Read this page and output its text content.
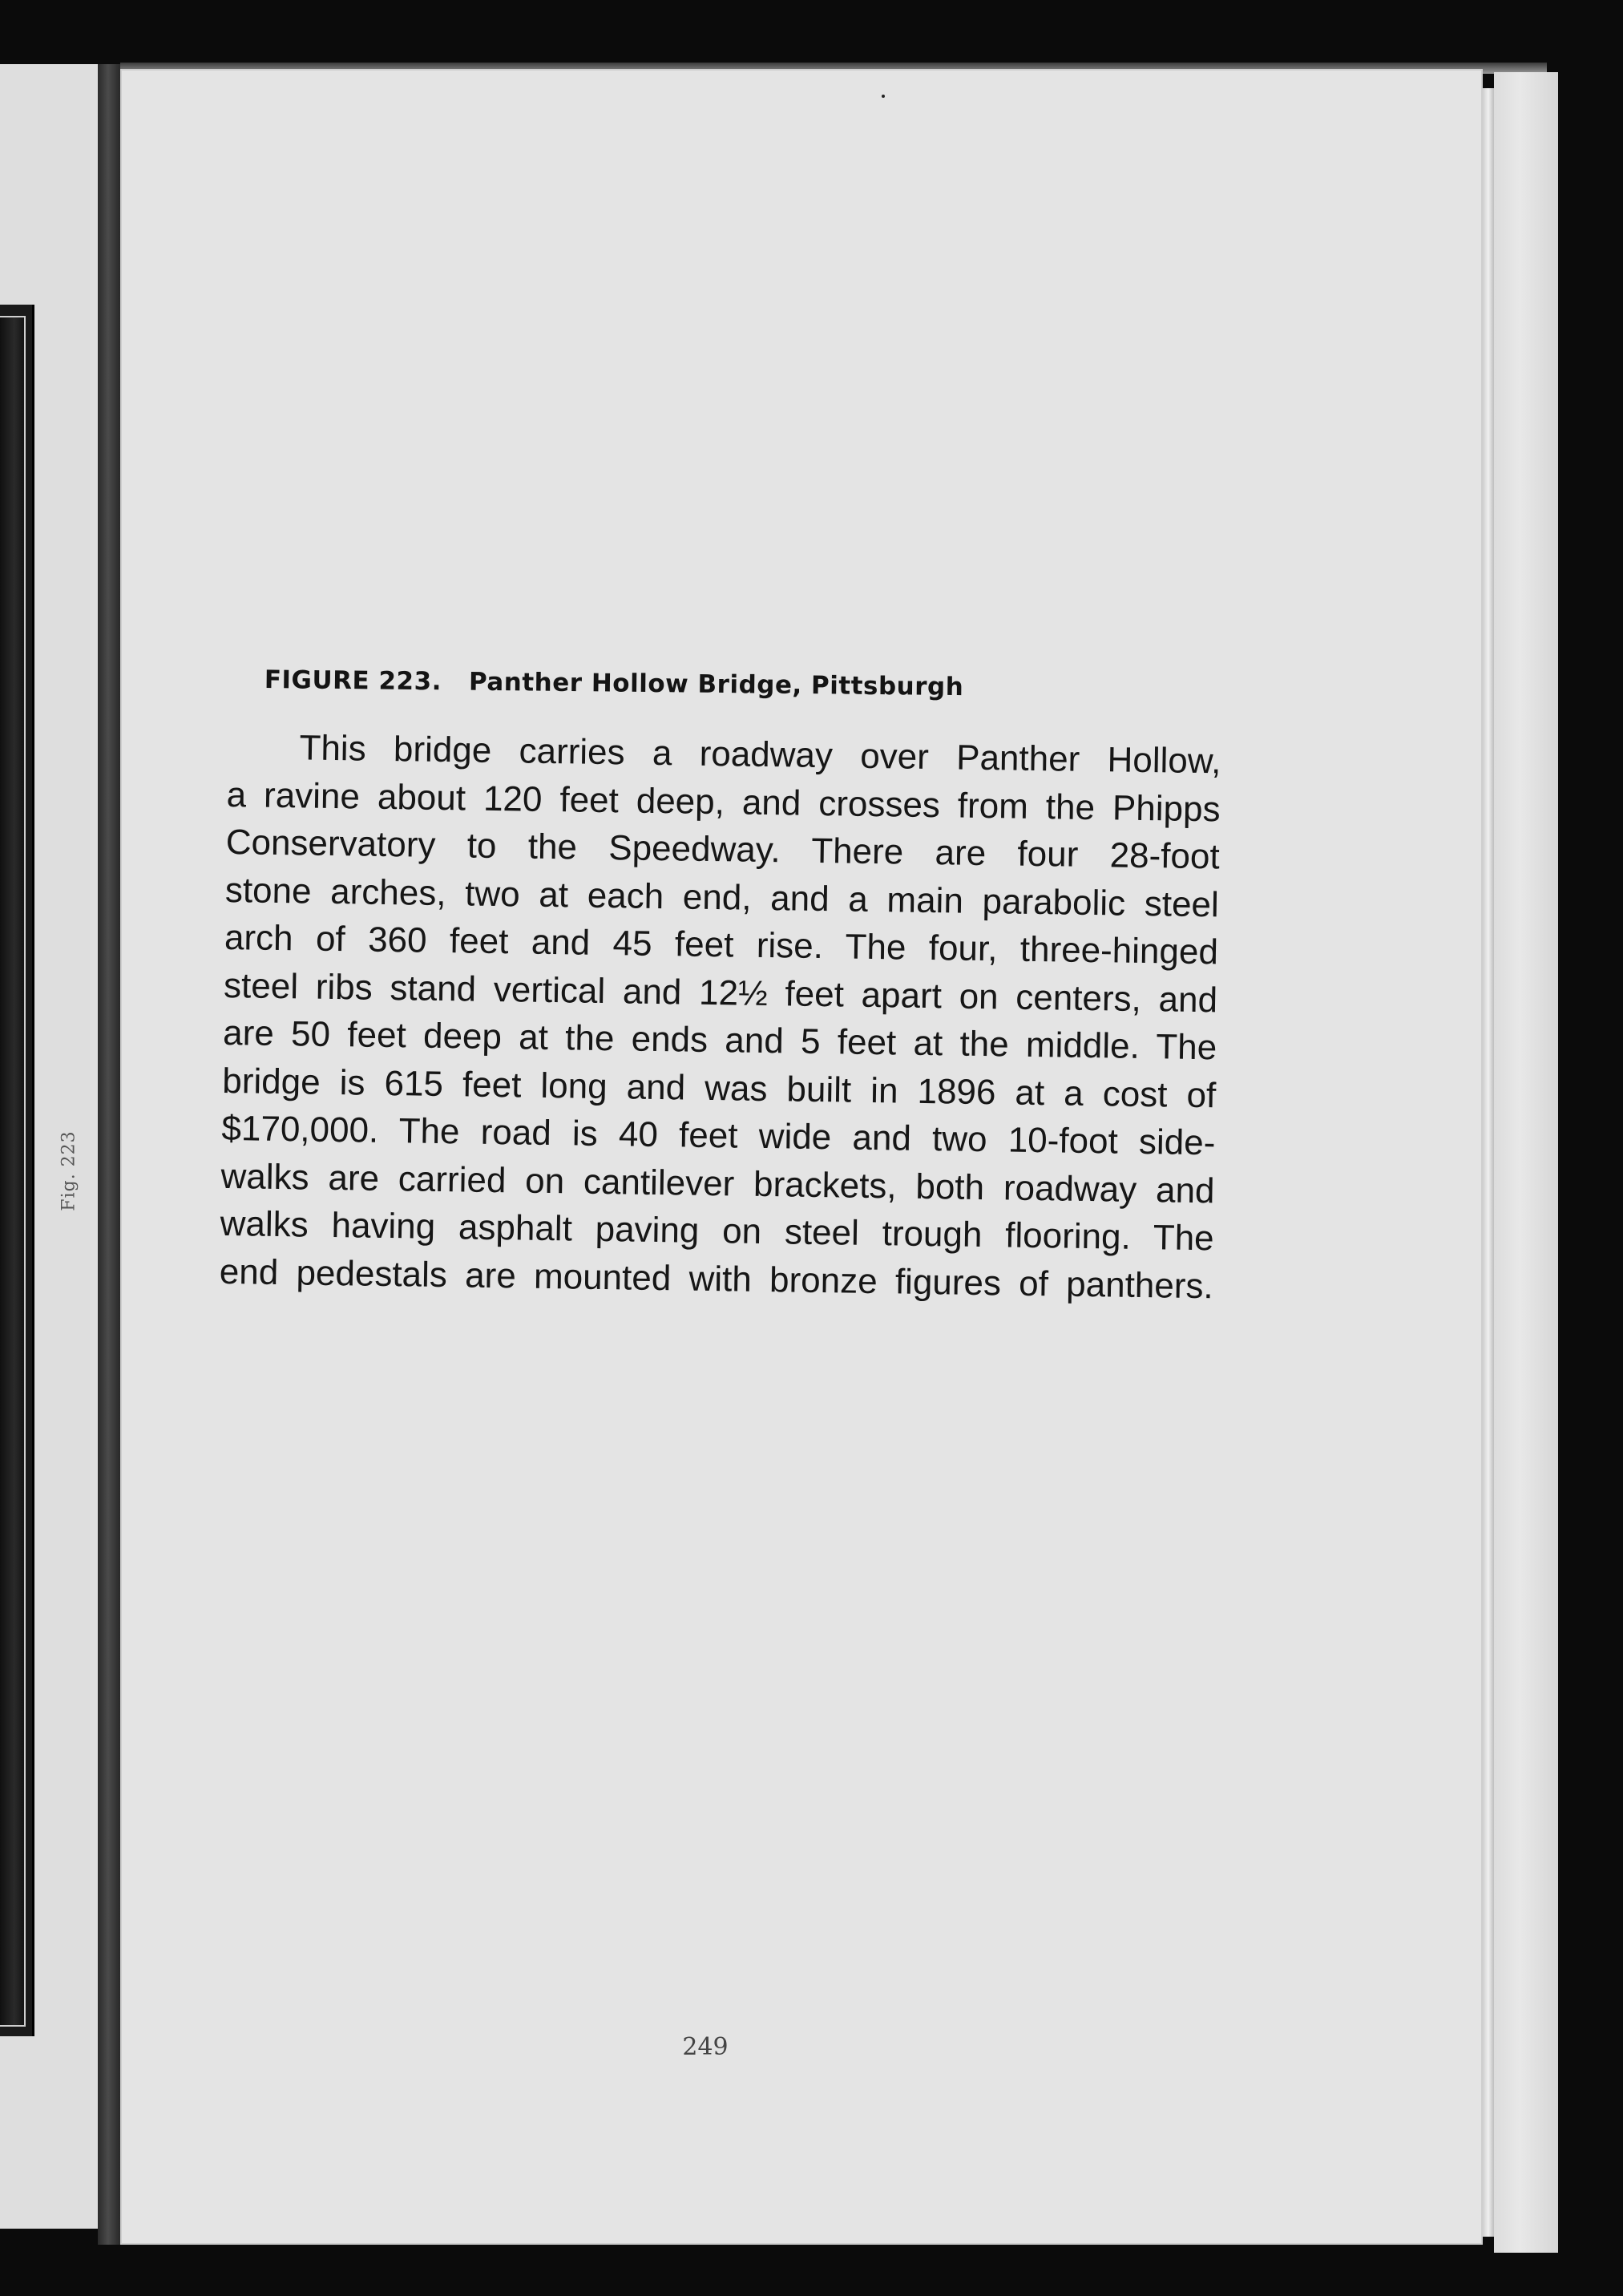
Fig. 223
FIGURE 223. Panther Hollow Bridge, Pittsburgh
This bridge carries a roadway over Panther Hollow,
a ravine about 120 feet deep, and crosses from the Phipps
Conservatory to the Speedway. There are four 28-foot
stone arches, two at each end, and a main parabolic steel
arch of 360 feet and 45 feet rise. The four, three-hinged
steel ribs stand vertical and 12½ feet apart on centers, and
are 50 feet deep at the ends and 5 feet at the middle. The
bridge is 615 feet long and was built in 1896 at a cost of
$170,000. The road is 40 feet wide and two 10-foot side-
walks are carried on cantilever brackets, both roadway and
walks having asphalt paving on steel trough flooring. The
end pedestals are mounted with bronze figures of panthers.
249
